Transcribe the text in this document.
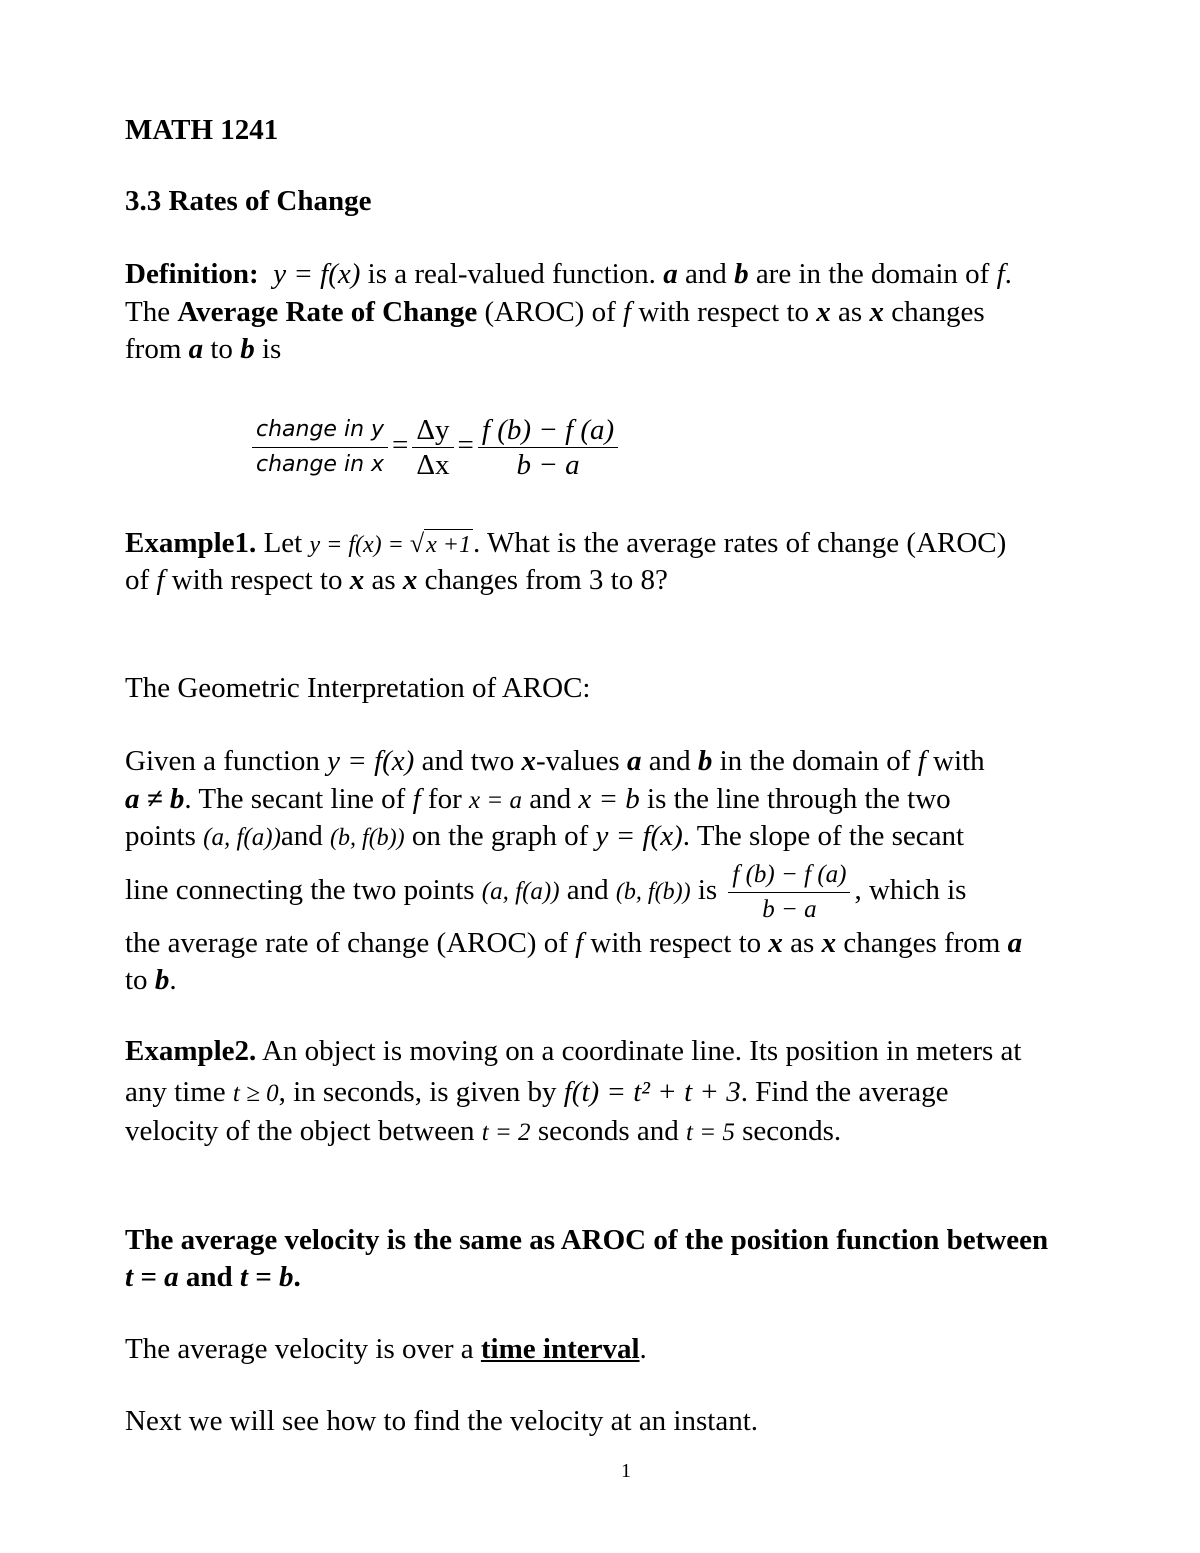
MATH 1241
3.3 Rates of Change
Definition: y = f(x) is a real-valued function. a and b are in the domain of f.
The Average Rate of Change (AROC) of f with respect to x as x changes
from a to b is
$\frac{\text{change in y}}{\text{change in x}} = \frac{\Delta y}{\Delta x} = \frac{f (b) - f (a)}{b - a}$
Example1. Let y = f(x) = √x +1. What is the average rates of change (AROC)
of f with respect to x as x changes from 3 to 8?
The Geometric Interpretation of AROC:
Given a function y = f(x) and two x-values a and b in the domain of f with
a ≠ b. The secant line of f for x = a and x = b is the line through the two
points (a, f(a))and (b, f(b)) on the graph of y = f(x). The slope of the secant
line connecting the two points (a, f(a)) and (b, f(b)) is $\frac{f (b) - f (a)}{b - a}$ , which is
the average rate of change (AROC) of f with respect to x as x changes from a
to b.
Example2. An object is moving on a coordinate line. Its position in meters at
any time t ≥ 0, in seconds, is given by f(t) = t² + t + 3. Find the average
velocity of the object between t = 2 seconds and t = 5 seconds.
The average velocity is the same as AROC of the position function between
t = a and t = b.
The average velocity is over a time interval.
Next we will see how to find the velocity at an instant.
1
